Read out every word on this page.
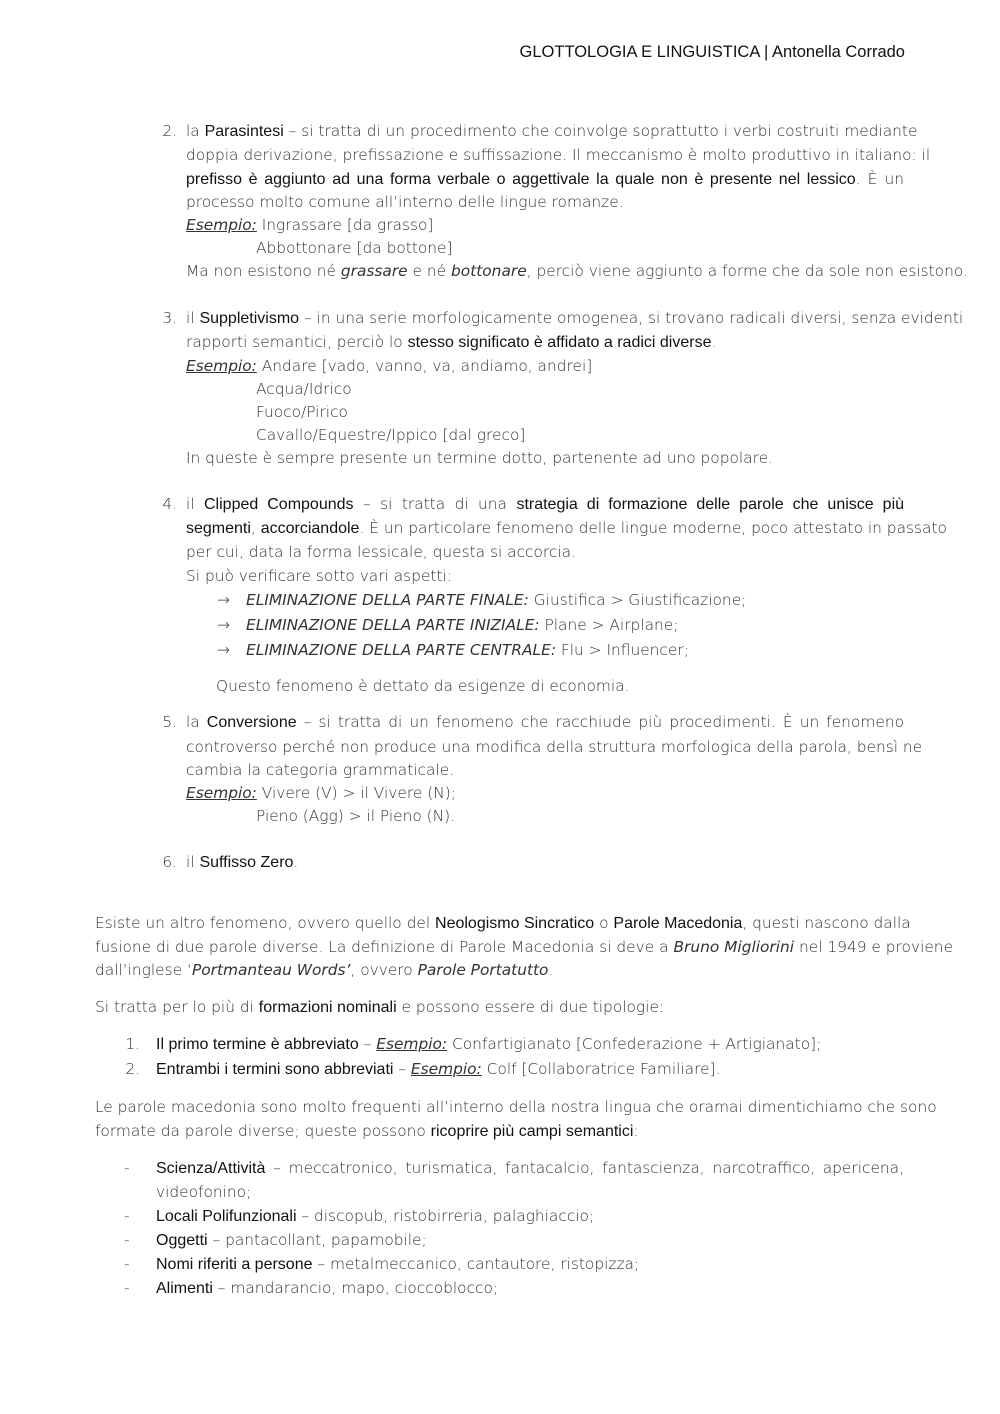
GLOTTOLOGIA E LINGUISTICA | Antonella Corrado
2. la Parasintesi – si tratta di un procedimento che coinvolge soprattutto i verbi costruiti mediante
doppia derivazione, prefissazione e suffissazione. Il meccanismo è molto produttivo in italiano: il
prefisso è aggiunto ad una forma verbale o aggettivale la quale non è presente nel lessico. È un
processo molto comune all’interno delle lingue romanze.
Esempio: Ingrassare [da grasso]
Abbottonare [da bottone]
Ma non esistono né grassare e né bottonare, perciò viene aggiunto a forme che da sole non esistono.
3. il Suppletivismo – in una serie morfologicamente omogenea, si trovano radicali diversi, senza evidenti
rapporti semantici, perciò lo stesso significato è affidato a radici diverse.
Esempio: Andare [vado, vanno, va, andiamo, andrei]
Acqua/Idrico
Fuoco/Pirico
Cavallo/Equestre/Ippico [dal greco]
In queste è sempre presente un termine dotto, partenente ad uno popolare.
4. il Clipped Compounds – si tratta di una strategia di formazione delle parole che unisce più
segmenti, accorciandole. È un particolare fenomeno delle lingue moderne, poco attestato in passato
per cui, data la forma lessicale, questa si accorcia.
Si può verificare sotto vari aspetti:
→ ELIMINAZIONE DELLA PARTE FINALE: Giustifica > Giustificazione;
→ ELIMINAZIONE DELLA PARTE INIZIALE: Plane > Airplane;
→ ELIMINAZIONE DELLA PARTE CENTRALE: Flu > Influencer;
Questo fenomeno è dettato da esigenze di economia.
5. la Conversione – si tratta di un fenomeno che racchiude più procedimenti. È un fenomeno
controverso perché non produce una modifica della struttura morfologica della parola, bensì ne
cambia la categoria grammaticale.
Esempio: Vivere (V) > il Vivere (N);
Pieno (Agg) > il Pieno (N).
6. il Suffisso Zero.
Esiste un altro fenomeno, ovvero quello del Neologismo Sincratico o Parole Macedonia, questi nascono dalla
fusione di due parole diverse. La definizione di Parole Macedonia si deve a Bruno Migliorini nel 1949 e proviene
dall’inglese ‘Portmanteau Words’, ovvero Parole Portatutto.
Si tratta per lo più di formazioni nominali e possono essere di due tipologie:
1. Il primo termine è abbreviato – Esempio: Confartigianato [Confederazione + Artigianato];
2. Entrambi i termini sono abbreviati – Esempio: Colf [Collaboratrice Familiare].
Le parole macedonia sono molto frequenti all’interno della nostra lingua che oramai dimentichiamo che sono
formate da parole diverse; queste possono ricoprire più campi semantici:
- Scienza/Attività – meccatronico, turismatica, fantacalcio, fantascienza, narcotraffico, apericena,
videofonino;
- Locali Polifunzionali – discopub, ristobirreria, palaghiaccio;
- Oggetti – pantacollant, papamobile;
- Nomi riferiti a persone – metalmeccanico, cantautore, ristopizza;
- Alimenti – mandarancio, mapo, cioccoblocco;
